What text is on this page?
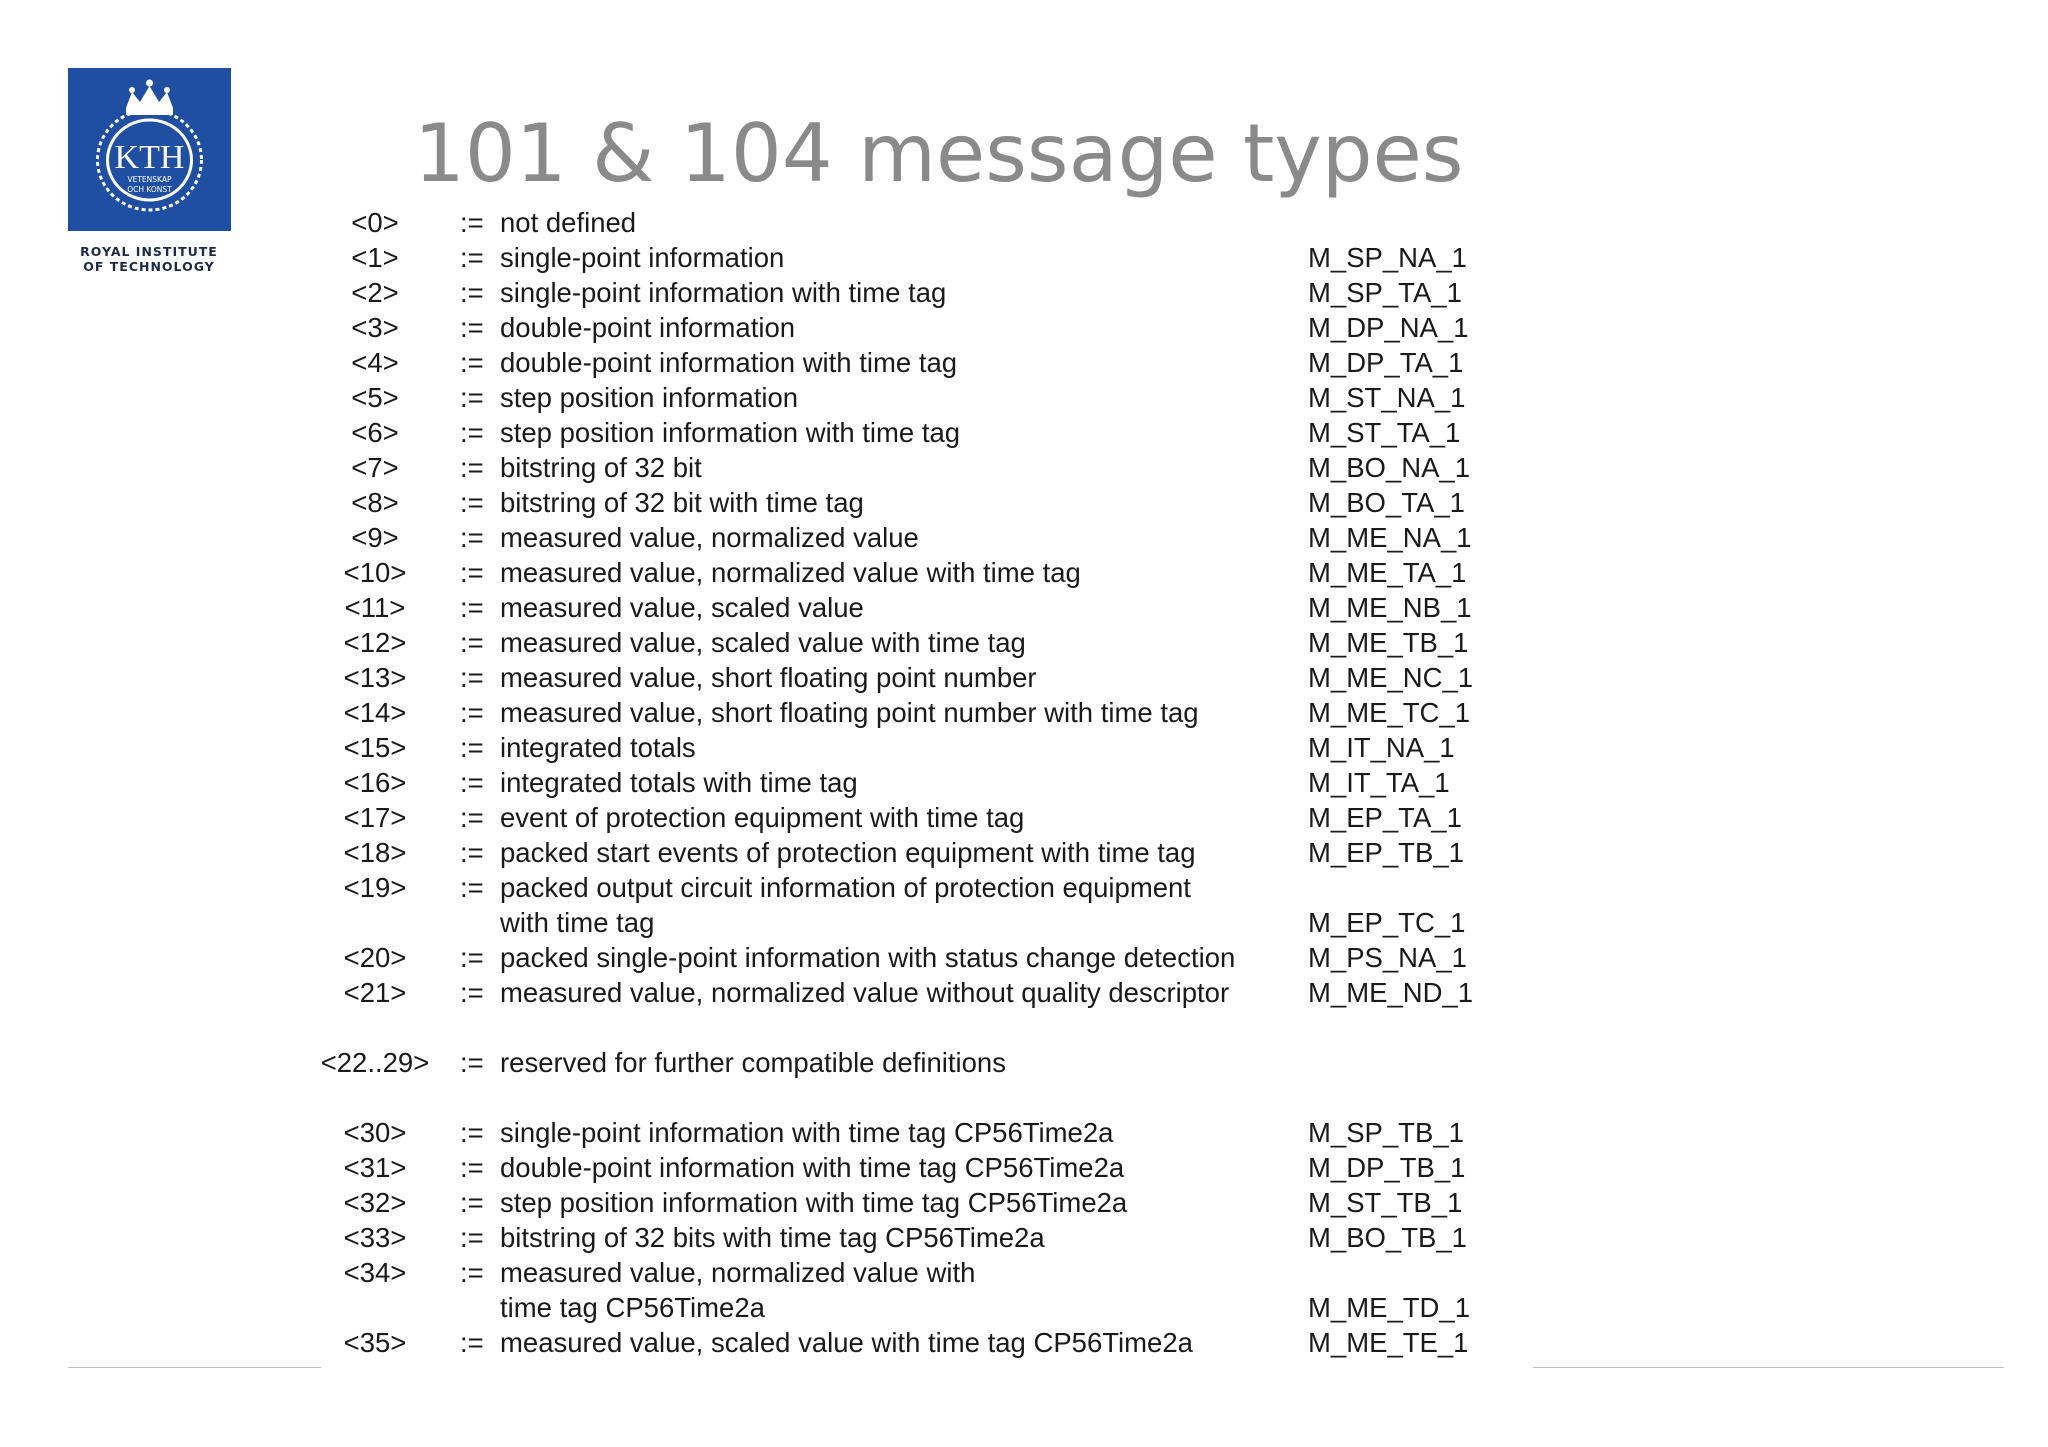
KTH
VETENSKAP
OCH KONST
ROYAL INSTITUTE
OF TECHNOLOGY
101 & 104 message types
<0>	:= not defined
<1>	:= single-point information	M_SP_NA_1
<2>	:= single-point information with time tag	M_SP_TA_1
<3>	:= double-point information	M_DP_NA_1
<4>	:= double-point information with time tag	M_DP_TA_1
<5>	:= step position information	M_ST_NA_1
<6>	:= step position information with time tag	M_ST_TA_1
<7>	:= bitstring of 32 bit	M_BO_NA_1
<8>	:= bitstring of 32 bit with time tag	M_BO_TA_1
<9>	:= measured value, normalized value	M_ME_NA_1
<10>	:= measured value, normalized value with time tag	M_ME_TA_1
<11>	:= measured value, scaled value	M_ME_NB_1
<12>	:= measured value, scaled value with time tag	M_ME_TB_1
<13>	:= measured value, short floating point number	M_ME_NC_1
<14>	:= measured value, short floating point number with time tag	M_ME_TC_1
<15>	:= integrated totals	M_IT_NA_1
<16>	:= integrated totals with time tag	M_IT_TA_1
<17>	:= event of protection equipment with time tag	M_EP_TA_1
<18>	:= packed start events of protection equipment with time tag	M_EP_TB_1
<19>	:= packed output circuit information of protection equipment
with time tag	M_EP_TC_1
<20>	:= packed single-point information with status change detection	M_PS_NA_1
<21>	:= measured value, normalized value without quality descriptor	M_ME_ND_1
<22..29> := reserved for further compatible definitions
<30>	:= single-point information with time tag CP56Time2a	M_SP_TB_1
<31>	:= double-point information with time tag CP56Time2a	M_DP_TB_1
<32>	:= step position information with time tag CP56Time2a	M_ST_TB_1
<33>	:= bitstring of 32 bits with time tag CP56Time2a	M_BO_TB_1
<34>	:= measured value, normalized value with
time tag CP56Time2a	M_ME_TD_1
<35>	:= measured value, scaled value with time tag CP56Time2a	M_ME_TE_1
